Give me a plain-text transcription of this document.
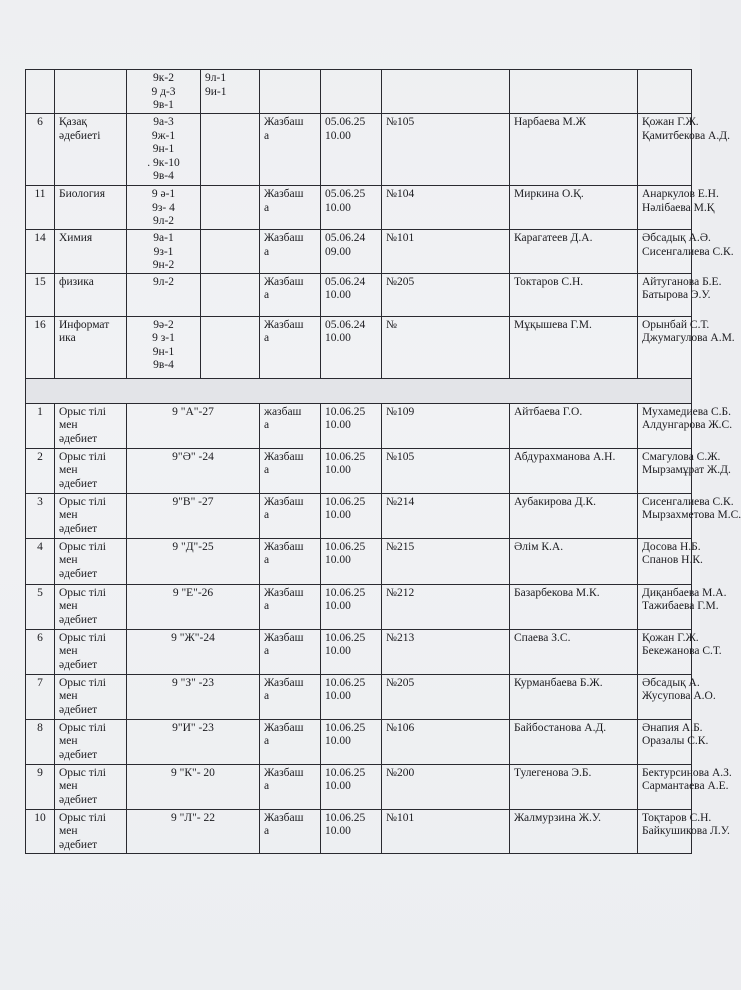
		9к-2
9 д-3
9в-1	9л-1
9и-1						

6	Қазақ
әдебиеті	9а-3
9ж-1
9н-1
. 9к-10
9в-4		Жазбаш
а	05.06.25
10.00	№105	Нарбаева М.Ж	Қожан Г.Ж.
Қамитбекова А.Д.

11	Биология	9 ә-1
9з- 4
9л-2		Жазбаш
а	05.06.25
10.00	№104	Миркина О.Қ.	Анаркулов Е.Н.
Нәлібаева М.Қ

14	Химия	9а-1
9з-1
9н-2		Жазбаш
а	05.06.24
09.00	№101	Карагатеев Д.А.	Әбсадық А.Ә.
Сисенгалиева С.К.

15	физика	9л-2		Жазбаш
а	05.06.24
10.00	№205	Токтаров С.Н.	Айтуганова Б.Е.
Батырова Э.У.

16	Информат
ика	9ә-2
9 з-1
9н-1
9в-4		Жазбаш
а	05.06.24
10.00	№	Мұқышева Г.М.	Орынбай С.Т.
Джумагулова А.М.

1	Орыс тілі
мен
әдебиет	9 "А"-27		жазбаш
а	10.06.25
10.00	№109	Айтбаева Г.О.	Мухамедиева С.Б.
Алдунгарова Ж.С.	

2	Орыс тілі
мен
әдебиет	9"Ә" -24		Жазбаш
а	10.06.25
10.00	№105	Абдурахманова А.Н.	Смагулова С.Ж.
Мырзамұрат Ж.Д.	

3	Орыс тілі
мен
әдебиет	9"В" -27		Жазбаш
а	10.06.25
10.00	№214	Аубакирова Д.К.	Сисенгалиева С.К.
Мырзахметова М.С.	

4	Орыс тілі
мен
әдебиет	9 "Д"-25		Жазбаш
а	10.06.25
10.00	№215	Әлім К.А.	Досова Н.Б.
Спанов Н.К.	

5	Орыс тілі
мен
әдебиет	9 "Е"-26		Жазбаш
а	10.06.25
10.00	№212	Базарбекова М.К.	Диқанбаева М.А.
Тажибаева Г.М.	

6	Орыс тілі
мен
әдебиет	9 "Ж"-24		Жазбаш
а	10.06.25
10.00	№213	Спаева З.С.	Қожан Г.Ж.
Бекежанова С.Т.	

7	Орыс тілі
мен
әдебиет	9 "З" -23		Жазбаш
а	10.06.25
10.00	№205	Курманбаева Б.Ж.	Әбсадық А.
Жусупова А.О.	

8	Орыс тілі
мен
әдебиет	9"И" -23		Жазбаш
а	10.06.25
10.00	№106	Байбостанова А.Д.	Әнапия А.Б.
Оразалы С.К.	

9	Орыс тілі
мен
әдебиет	9 "К"- 20		Жазбаш
а	10.06.25
10.00	№200	Тулегенова Э.Б.	Бектурсинова А.З.
Сармантаева А.Е.	

10	Орыс тілі
мен
әдебиет	9 "Л"- 22		Жазбаш
а	10.06.25
10.00	№101	Жалмурзина Ж.У.	Тоқтаров С.Н.
Байкушикова Л.У.	
